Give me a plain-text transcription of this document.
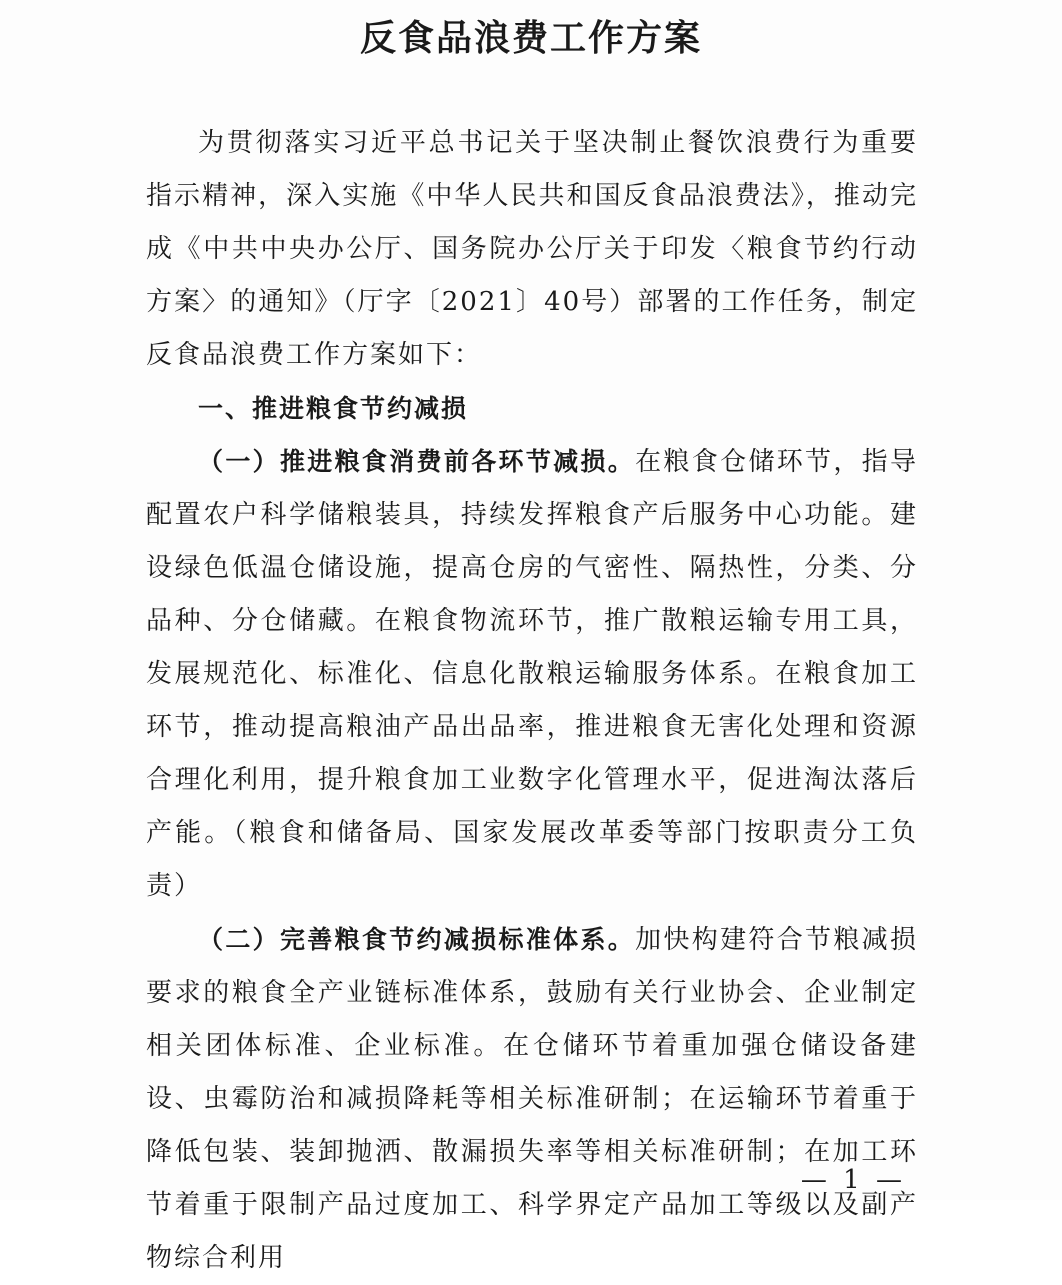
反食品浪费工作方案

为贯彻落实习近平总书记关于坚决制止餐饮浪费行为重要指示精神，深入实施《中华人民共和国反食品浪费法》，推动完成《中共中央办公厅、国务院办公厅关于印发〈粮食节约行动方案〉的通知》（厅字〔2021〕40号）部署的工作任务，制定反食品浪费工作方案如下：

一、推进粮食节约减损

（一）推进粮食消费前各环节减损。在粮食仓储环节，指导配置农户科学储粮装具，持续发挥粮食产后服务中心功能。建设绿色低温仓储设施，提高仓房的气密性、隔热性，分类、分品种、分仓储藏。在粮食物流环节，推广散粮运输专用工具，发展规范化、标准化、信息化散粮运输服务体系。在粮食加工环节，推动提高粮油产品出品率，推进粮食无害化处理和资源合理化利用，提升粮食加工业数字化管理水平，促进淘汰落后产能。（粮食和储备局、国家发展改革委等部门按职责分工负责）

（二）完善粮食节约减损标准体系。加快构建符合节粮减损要求的粮食全产业链标准体系，鼓励有关行业协会、企业制定相关团体标准、企业标准。在仓储环节着重加强仓储设备建设、虫霉防治和减损降耗等相关标准研制；在运输环节着重于降低包装、装卸抛洒、散漏损失率等相关标准研制；在加工环节着重于限制产品过度加工、科学界定产品加工等级以及副产物综合利用

— 1 —
